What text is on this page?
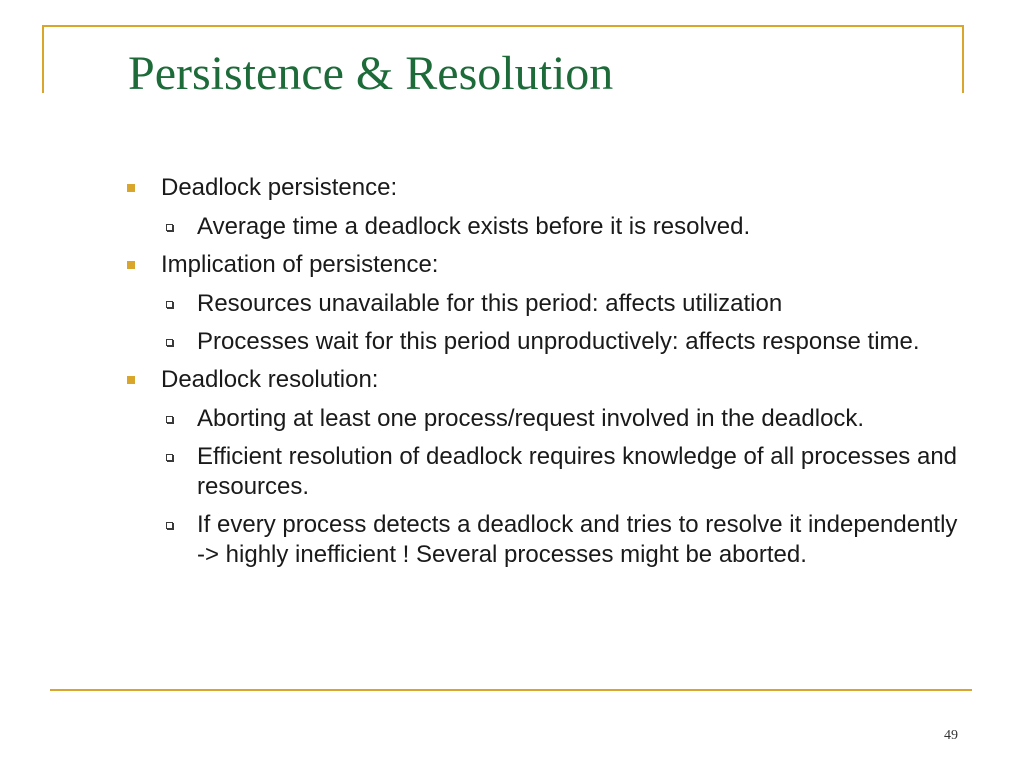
Persistence & Resolution
Deadlock persistence:
Average time a deadlock exists before it is resolved.
Implication of persistence:
Resources unavailable for this period: affects utilization
Processes wait for this period unproductively: affects response time.
Deadlock resolution:
Aborting at least one process/request involved in the deadlock.
Efficient resolution of deadlock requires knowledge of all processes and resources.
If every process detects a deadlock and tries to resolve it independently -> highly inefficient ! Several processes might be aborted.
49
